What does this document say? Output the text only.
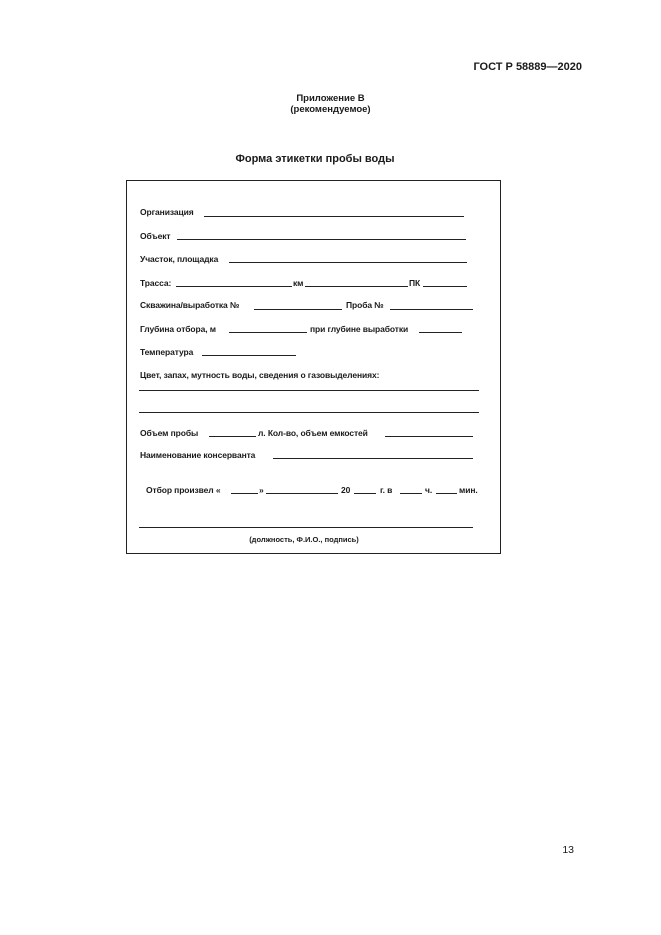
ГОСТ Р 58889—2020
Приложение В
(рекомендуемое)
Форма этикетки пробы воды
Организация
Объект
Участок, площадка
Трасса:	км	ПК
Скважина/выработка №	Проба №
Глубина отбора, м	при глубине выработки
Температура
Цвет, запах, мутность воды, сведения о газовыделениях:
Объем пробы	л. Кол-во, объем емкостей
Наименование консерванта
Отбор произвел «	»	20	г. в	ч.	мин.
(должность, Ф.И.О., подпись)
13
